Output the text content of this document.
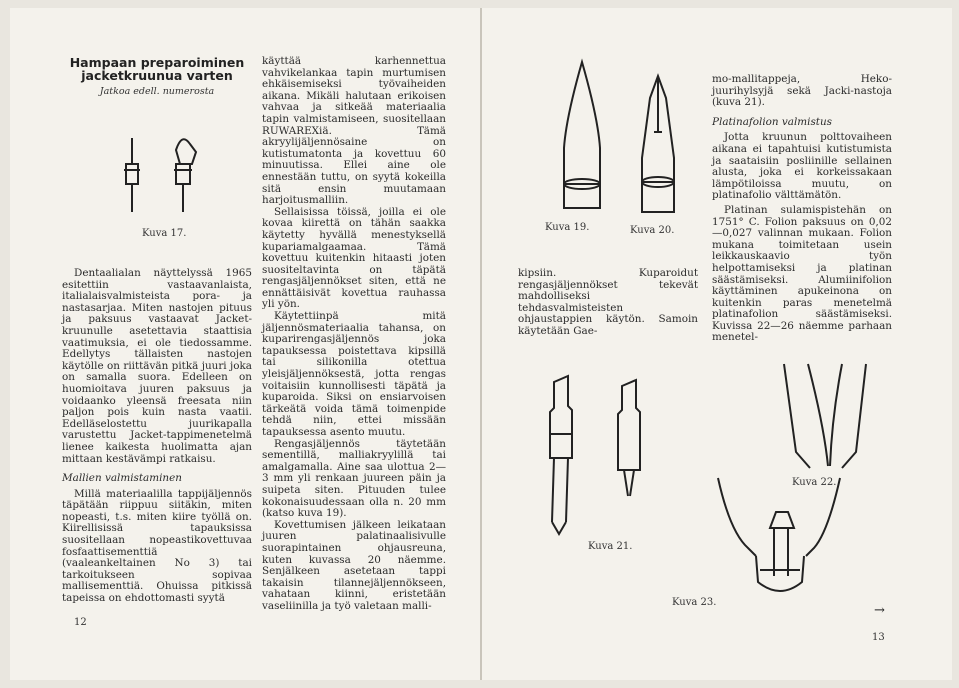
Hampaan preparoiminen
jacketkruunua varten
Jatkoa edell. numerosta
Kuva 17.

Dentaalialan näyttelyssä 1965 esitettiin vastaavanlaista, italialaisvalmisteista pora- ja nastasarjaa. Miten nastojen pituus ja paksuus vastaavat Jacket-kruunulle asetettavia staattisia vaatimuksia, ei ole tiedossamme. Edellytys tällaisten nastojen käytölle on riittävän pitkä juuri joka on samalla suora. Edelleen on huomioitava juuren paksuus ja voidaanko yleensä freesata niin paljon pois kuin nasta vaatii. Edelläselostettu juurikapalla varustettu Jacket-tappimenetelmä lienee kaikesta huolimatta ajan mittaan kestävämpi ratkaisu.

Mallien valmistaminen

Millä materiaalilla tappijäljennös täpätään riippuu siitäkin, miten nopeasti, t.s. miten kiire työllä on. Kiirellisissä tapauksissa suositellaan nopeastikovettuvaa fosfaattisementtiä (vaaleankeltainen No 3) tai tarkoitukseen sopivaa mallisementtiä. Ohuissa pitkissä tapeissa on ehdottomasti syytä

12

käyttää karhennettua vahvikelankaa tapin murtumisen ehkäisemiseksi työvaiheiden aikana. Mikäli halutaan erikoisen vahvaa ja sitkeää materiaalia tapin valmistamiseen, suositellaan RUWAREXiä. Tämä akryylijäljennösaine on kutistumatonta ja kovettuu 60 minuutissa. Ellei aine ole ennestään tuttu, on syytä kokeilla sitä ensin muutamaan harjoitusmalliin.

Sellaisissa töissä, joilla ei ole kovaa kiirettä on tähän saakka käytetty hyvällä menestyksellä kupariamalgaamaa. Tämä kovettuu kuitenkin hitaasti joten suositeltavinta on täpätä rengasjäljennökset siten, että ne ennättäisivät kovettua rauhassa yli yön.

Käytettiinpä mitä jäljennösmateriaalia tahansa, on kuparirengasjäljennös joka tapauksessa poistettava kipsillä tai silikonilla otettua yleisjäljennöksestä, jotta rengas voitaisiin kunnollisesti täpätä ja kuparoida. Siksi on ensiarvoisen tärkeätä voida tämä toimenpide tehdä niin, ettei missään tapauksessa asento muutu.

Rengasjäljennös täytetään sementillä, malliakryylillä tai amalgamalla. Aine saa ulottua 2—3 mm yli renkaan juureen päin ja suipeta siten. Pituuden tulee kokonaisuudessaan olla n. 20 mm (katso kuva 19).

Kovettumisen jälkeen leikataan juuren palatinaalisivulle suorapintainen ohjausreuna, kuten kuvassa 20 näemme. Senjälkeen asetetaan tappi takaisin tilannejäljennökseen, vahataan kiinni, eristetään vaseliinilla ja työ valetaan malli-

Kuva 19.	Kuva 20.

kipsiin. Kuparoidut rengasjäljennökset tekevät mahdolliseksi tehdasvalmisteisten ohjaustappien käytön. Samoin käytetään Gae-

Kuva 21.

mo-mallitappeja, Heko-juurihylsyjä sekä Jacki-nastoja (kuva 21).

Platinafolion valmistus

Jotta kruunun polttovaiheen aikana ei tapahtuisi kutistumista ja saataisiin posliinille sellainen alusta, joka ei korkeissakaan lämpötiloissa muutu, on platinafolio välttämätön.

Platinan sulamispistehän on 1751° C. Folion paksuus on 0,02—0,027 valinnan mukaan. Folion mukana toimitetaan usein leikkauskaavio työn helpottamiseksi ja platinan säästämiseksi. Alumiinifolion käyttäminen apukeinona on kuitenkin paras menetelmä platinafolion säästämiseksi. Kuvissa 22—26 näemme parhaan menetel-

Kuva 22.
Kuva 23.
→
13
